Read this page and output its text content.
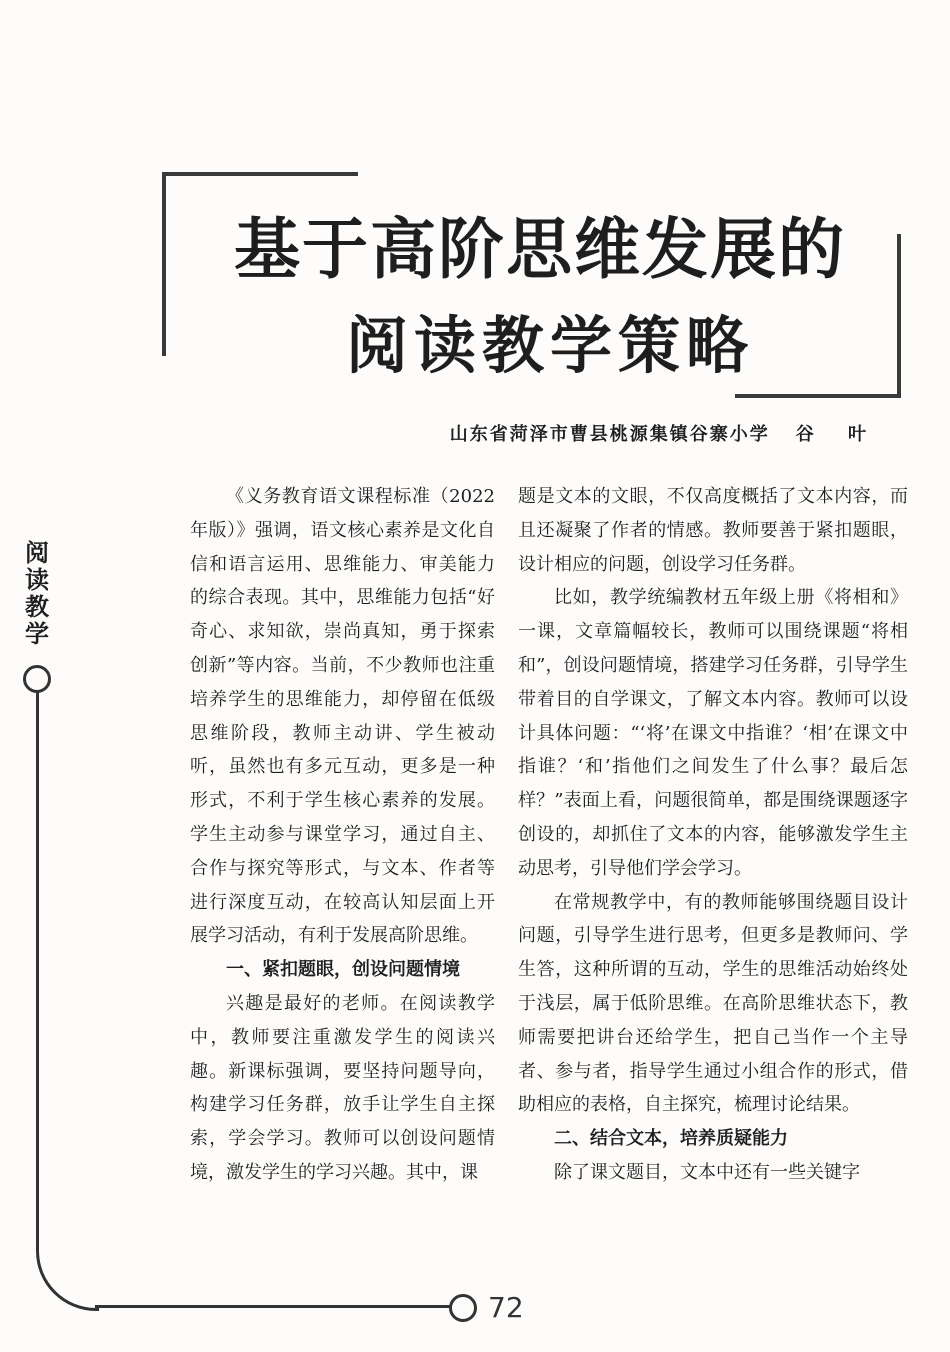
基于高阶思维发展的
阅读教学策略
山东省菏泽市曹县桃源集镇谷寨小学 谷 叶
阅读教学
72

《义务教育语文课程标准（2022年版）》强调，语文核心素养是文化自信和语言运用、思维能力、审美能力的综合表现。其中，思维能力包括“好奇心、求知欲，崇尚真知，勇于探索创新”等内容。当前，不少教师也注重培养学生的思维能力，却停留在低级思维阶段，教师主动讲、学生被动听，虽然也有多元互动，更多是一种形式，不利于学生核心素养的发展。学生主动参与课堂学习，通过自主、合作与探究等形式，与文本、作者等进行深度互动，在较高认知层面上开展学习活动，有利于发展高阶思维。

一、紧扣题眼，创设问题情境

兴趣是最好的老师。在阅读教学中，教师要注重激发学生的阅读兴趣。新课标强调，要坚持问题导向，构建学习任务群，放手让学生自主探索，学会学习。教师可以创设问题情境，激发学生的学习兴趣。其中，课

题是文本的文眼，不仅高度概括了文本内容，而且还凝聚了作者的情感。教师要善于紧扣题眼，设计相应的问题，创设学习任务群。

比如，教学统编教材五年级上册《将相和》一课，文章篇幅较长，教师可以围绕课题“将相和”，创设问题情境，搭建学习任务群，引导学生带着目的自学课文，了解文本内容。教师可以设计具体问题：“‘将’在课文中指谁？‘相’在课文中指谁？‘和’指他们之间发生了什么事？最后怎样？”表面上看，问题很简单，都是围绕课题逐字创设的，却抓住了文本的内容，能够激发学生主动思考，引导他们学会学习。

在常规教学中，有的教师能够围绕题目设计问题，引导学生进行思考，但更多是教师问、学生答，这种所谓的互动，学生的思维活动始终处于浅层，属于低阶思维。在高阶思维状态下，教师需要把讲台还给学生，把自己当作一个主导者、参与者，指导学生通过小组合作的形式，借助相应的表格，自主探究，梳理讨论结果。

二、结合文本，培养质疑能力

除了课文题目，文本中还有一些关键字
